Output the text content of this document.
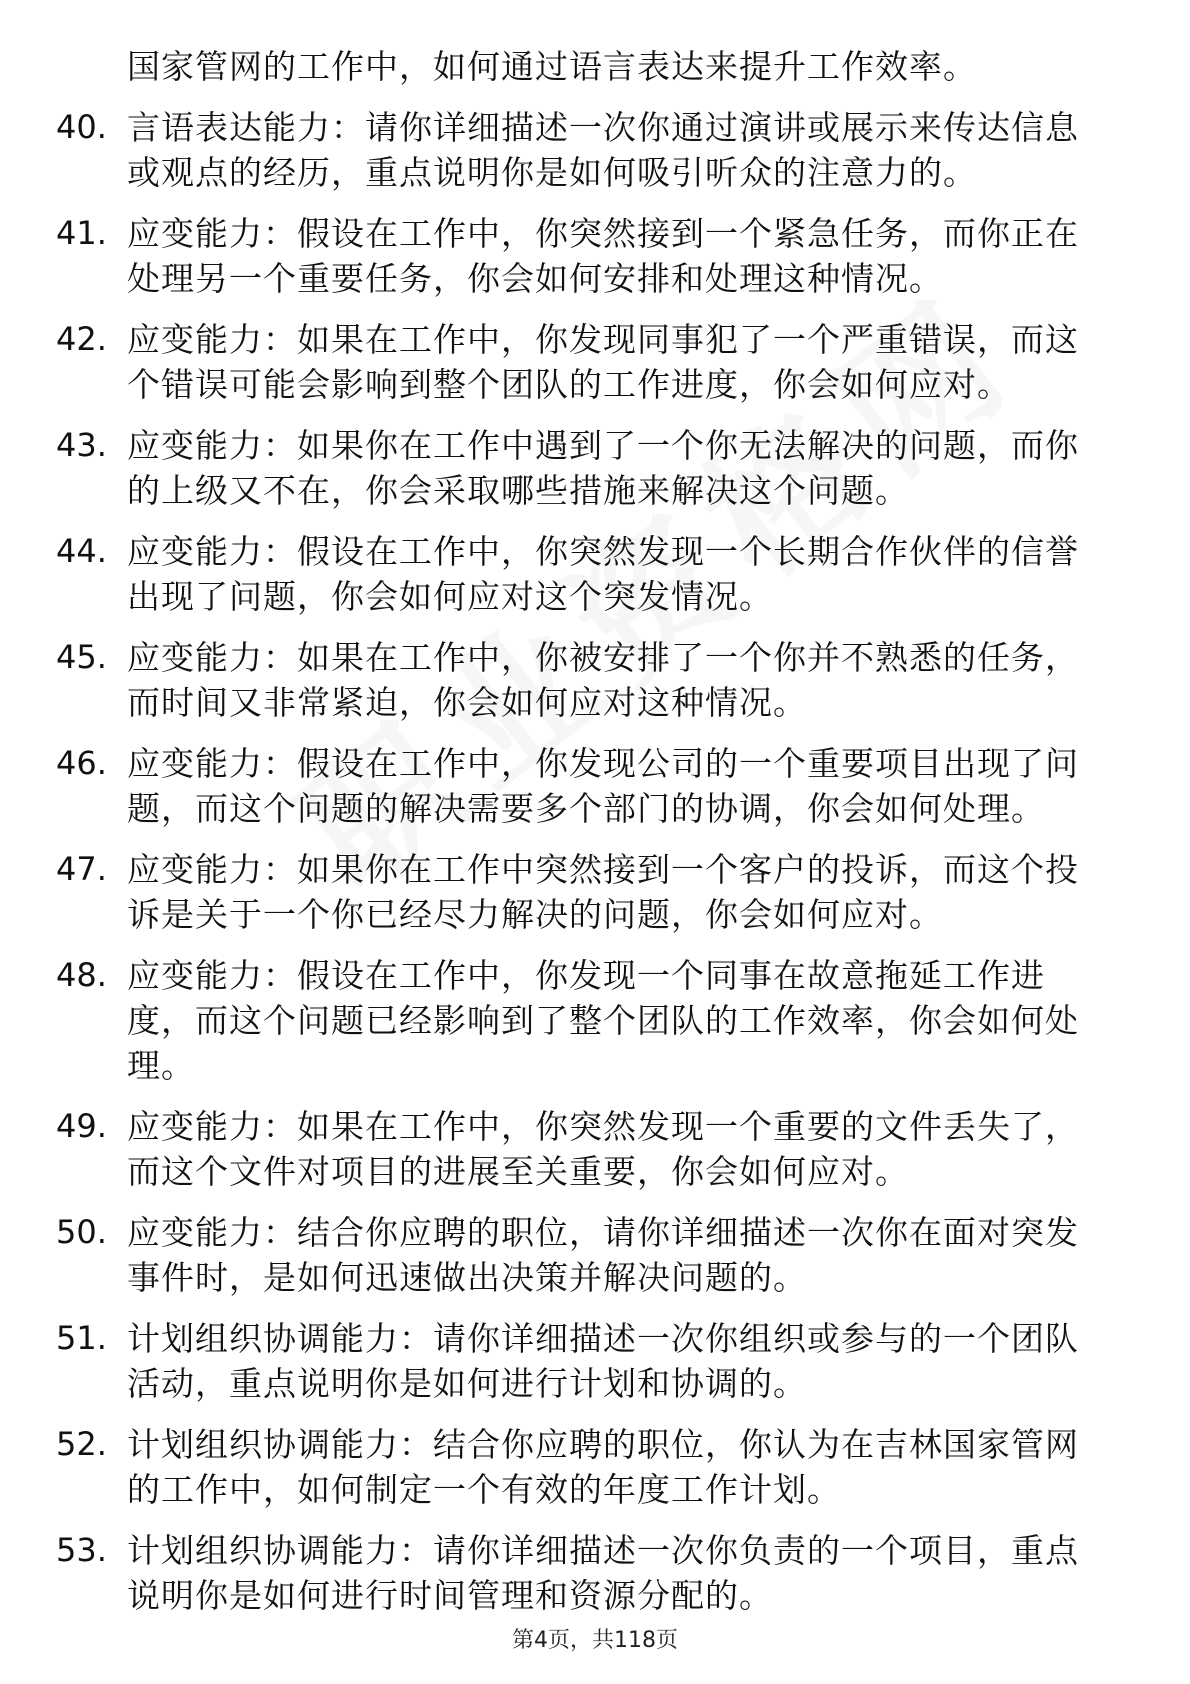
国家管网的工作中，如何通过语言表达来提升工作效率。
40. 言语表达能力：请你详细描述一次你通过演讲或展示来传达信息或观点的经历，重点说明你是如何吸引听众的注意力的。
41. 应变能力：假设在工作中，你突然接到一个紧急任务，而你正在处理另一个重要任务，你会如何安排和处理这种情况。
42. 应变能力：如果在工作中，你发现同事犯了一个严重错误，而这个错误可能会影响到整个团队的工作进度，你会如何应对。
43. 应变能力：如果你在工作中遇到了一个你无法解决的问题，而你的上级又不在，你会采取哪些措施来解决这个问题。
44. 应变能力：假设在工作中，你突然发现一个长期合作伙伴的信誉出现了问题，你会如何应对这个突发情况。
45. 应变能力：如果在工作中，你被安排了一个你并不熟悉的任务，而时间又非常紧迫，你会如何应对这种情况。
46. 应变能力：假设在工作中，你发现公司的一个重要项目出现了问题，而这个问题的解决需要多个部门的协调，你会如何处理。
47. 应变能力：如果你在工作中突然接到一个客户的投诉，而这个投诉是关于一个你已经尽力解决的问题，你会如何应对。
48. 应变能力：假设在工作中，你发现一个同事在故意拖延工作进度，而这个问题已经影响到了整个团队的工作效率，你会如何处理。
49. 应变能力：如果在工作中，你突然发现一个重要的文件丢失了，而这个文件对项目的进展至关重要，你会如何应对。
50. 应变能力：结合你应聘的职位，请你详细描述一次你在面对突发事件时，是如何迅速做出决策并解决问题的。
51. 计划组织协调能力：请你详细描述一次你组织或参与的一个团队活动，重点说明你是如何进行计划和协调的。
52. 计划组织协调能力：结合你应聘的职位，你认为在吉林国家管网的工作中，如何制定一个有效的年度工作计划。
53. 计划组织协调能力：请你详细描述一次你负责的一个项目，重点说明你是如何进行时间管理和资源分配的。
第4页，共118页
